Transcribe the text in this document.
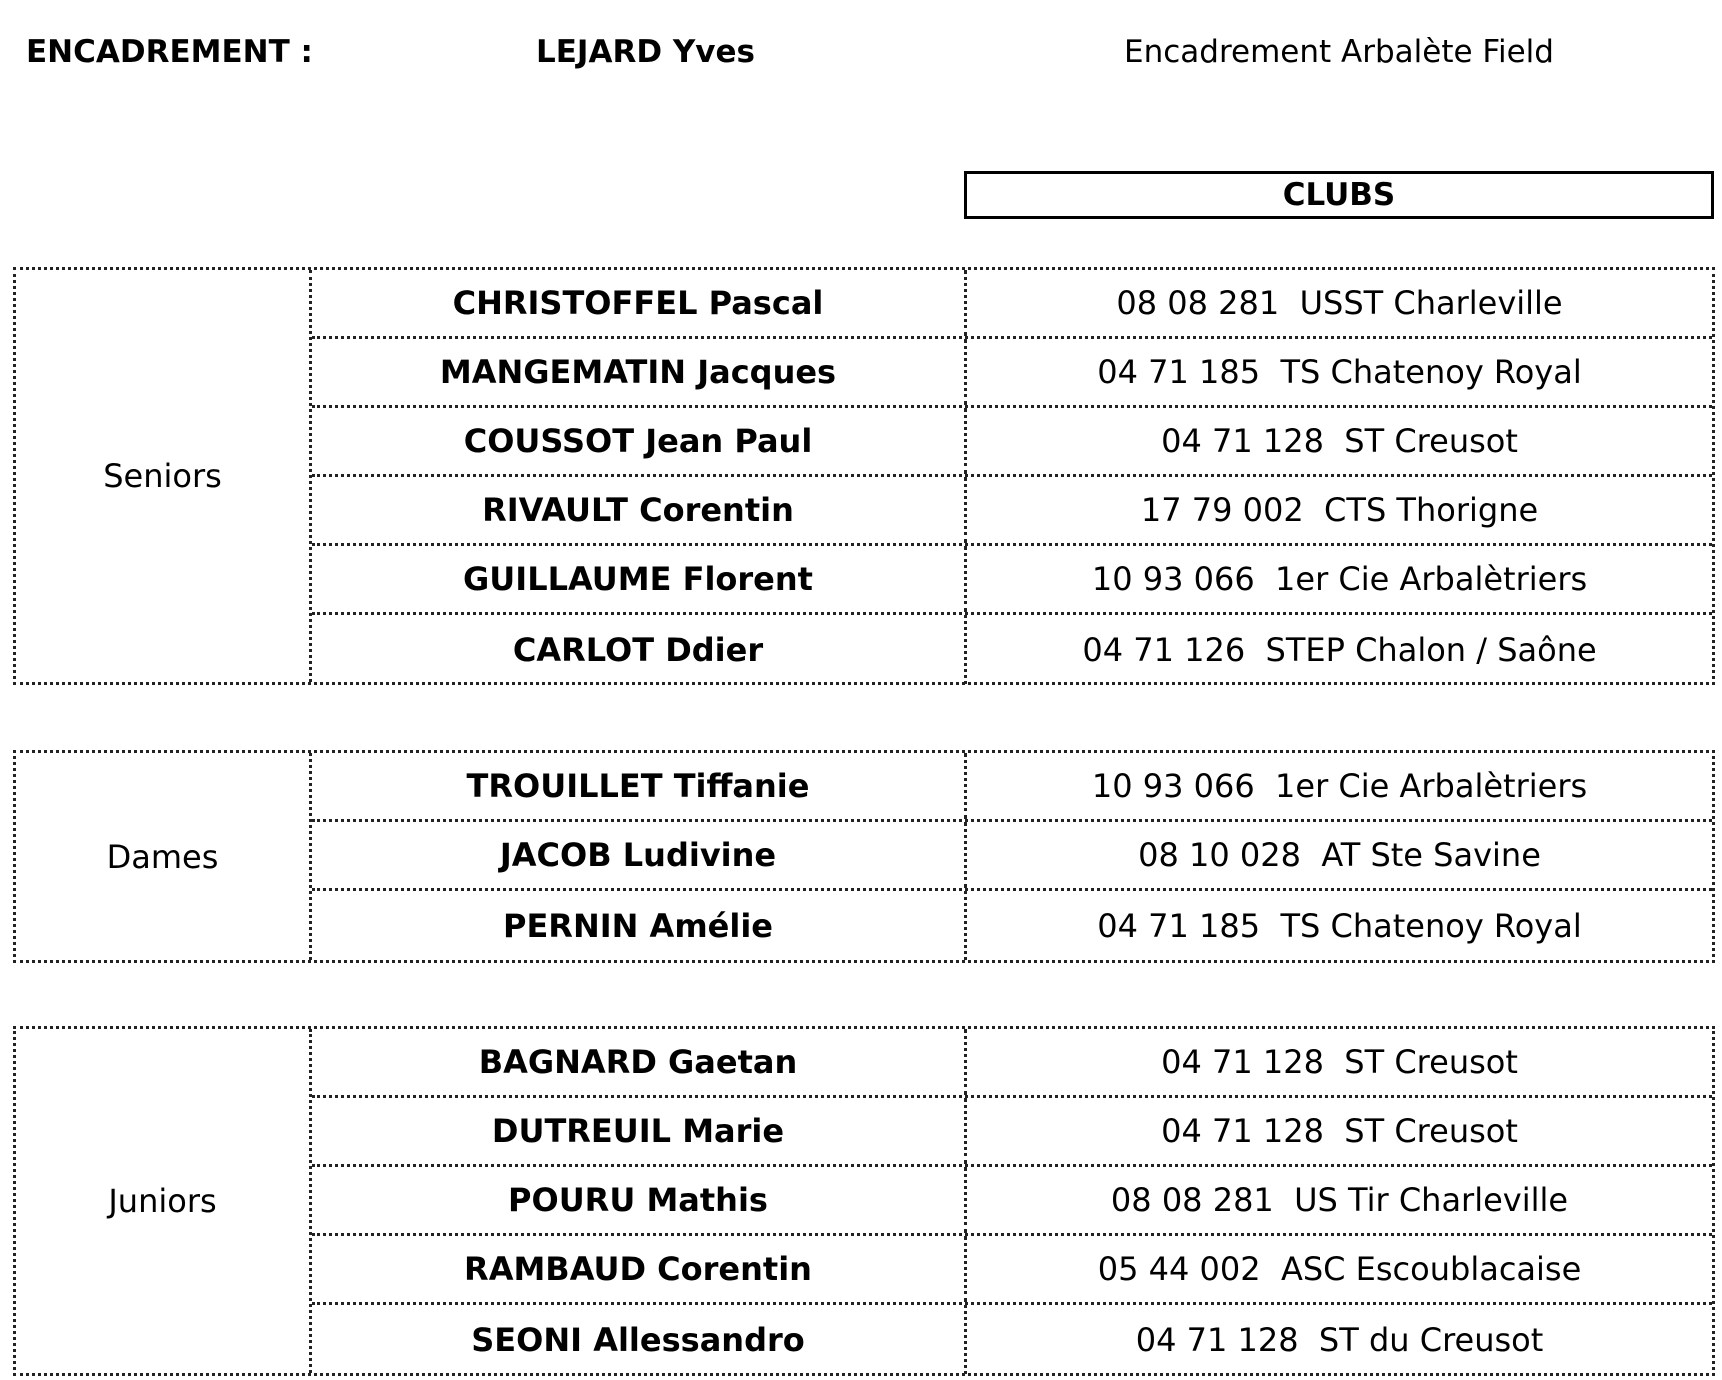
ENCADREMENT :	LEJARD Yves	Encadrement Arbalète Field
CLUBS
Seniors
CHRISTOFFEL Pascal	08 08 281  USST Charleville
MANGEMATIN Jacques	04 71 185  TS Chatenoy Royal
COUSSOT Jean Paul	04 71 128  ST Creusot
RIVAULT Corentin	17 79 002  CTS Thorigne
GUILLAUME Florent	10 93 066  1er Cie Arbalètriers
CARLOT Ddier	04 71 126  STEP Chalon / Saône
Dames
TROUILLET Tiffanie	10 93 066  1er Cie Arbalètriers
JACOB Ludivine	08 10 028  AT Ste Savine
PERNIN Amélie	04 71 185  TS Chatenoy Royal
Juniors
BAGNARD Gaetan	04 71 128  ST Creusot
DUTREUIL Marie	04 71 128  ST Creusot
POURU Mathis	08 08 281  US Tir Charleville
RAMBAUD Corentin	05 44 002  ASC Escoublacaise
SEONI Allessandro	04 71 128  ST du Creusot
